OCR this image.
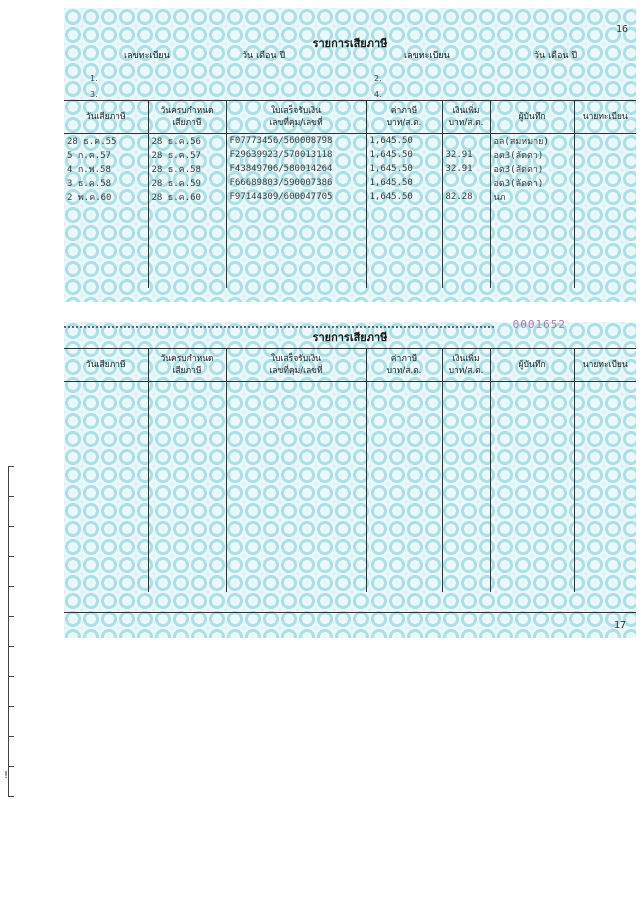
16
รายการเสียภาษี
เลขทะเบียน	วัน เดือน ปี	เลขทะเบียน	วัน เดือน ปี
1.	2.
3.	4.
วันเสียภาษี	วันครบกำหนด
เสียภาษี	ใบเสร็จรับเงิน
เลขที่คุม/เลขที่	ค่าภาษี
บาท/ส.ต.	เงินเพิ่ม
บาท/ส.ต.	ผู้บันทึก	นายทะเบียน
28 ธ.ค.55	28 ธ.ค.56	F07773456/560008798	1,645.50		อล(สมหมาย)	
5 ก.ค.57	28 ธ.ค.57	F29639923/570013118	1,645.50	32.91	อด3(ลัดดา)	
4 ก.พ.58	28 ธ.ค.58	F43849706/580014264	1,645.50	32.91	อด3(ลัดดา)	
3 ธ.ค.58	28 ธ.ค.59	F66689803/590007386	1,645.50		อด3(ลัดดา)	
2 พ.ค.60	28 ธ.ค.60	F97144309/600047705	1,645.50	82.28	นภ	

0001652
รายการเสียภาษี
วันเสียภาษี	วันครบกำหนด
เสียภาษี	ใบเสร็จรับเงิน
เลขที่คุม/เลขที่	ค่าภาษี
บาท/ส.ต.	เงินเพิ่ม
บาท/ส.ต.	ผู้บันทึก	นายทะเบียน

17
!
